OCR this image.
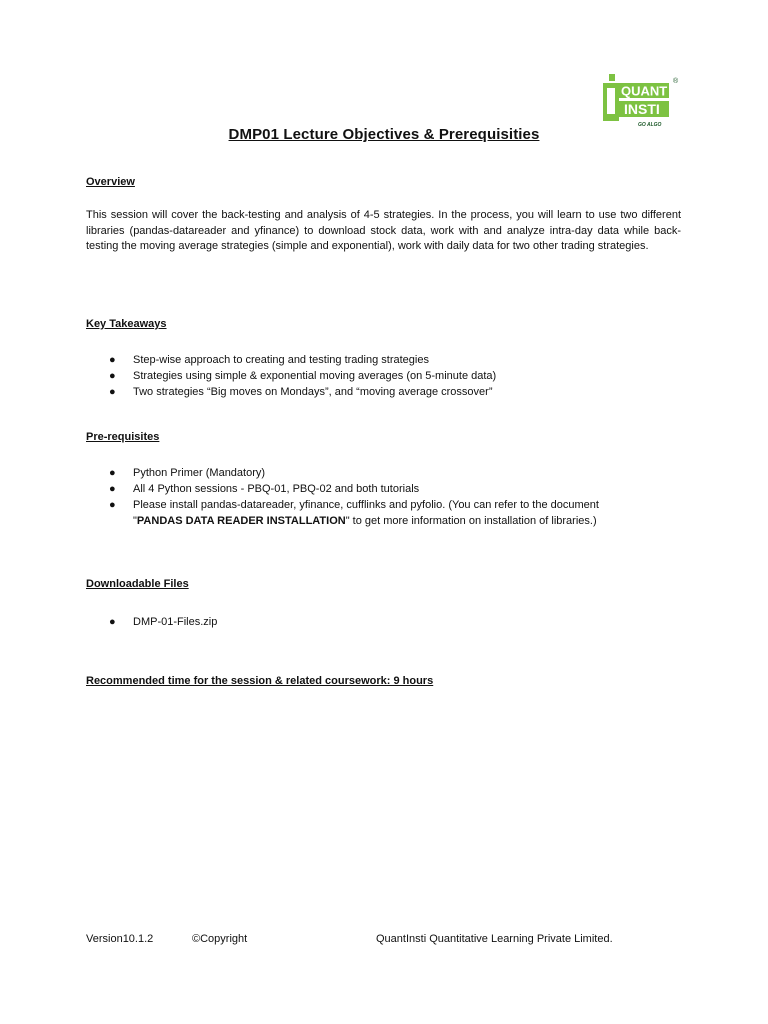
QUANT
INSTI
®
GO ALGO
DMP01 Lecture Objectives & Prerequisities
Overview
This session will cover the back-testing and analysis of 4-5 strategies. In the process, you will learn to use two different libraries (pandas-datareader and yfinance) to download stock data, work with and analyze intra-day data while back-testing the moving average strategies (simple and exponential), work with daily data for two other trading strategies.
Key Takeaways
● Step-wise approach to creating and testing trading strategies
● Strategies using simple & exponential moving averages (on 5-minute data)
● Two strategies “Big moves on Mondays”, and “moving average crossover”
Pre-requisites
● Python Primer (Mandatory)
● All 4 Python sessions - PBQ-01, PBQ-02 and both tutorials
● Please install pandas-datareader, yfinance, cufflinks and pyfolio. (You can refer to the document "PANDAS DATA READER INSTALLATION" to get more information on installation of libraries.)
Downloadable Files
● DMP-01-Files.zip
Recommended time for the session & related coursework: 9 hours
Version10.1.2	©Copyright	QuantInsti Quantitative Learning Private Limited.
